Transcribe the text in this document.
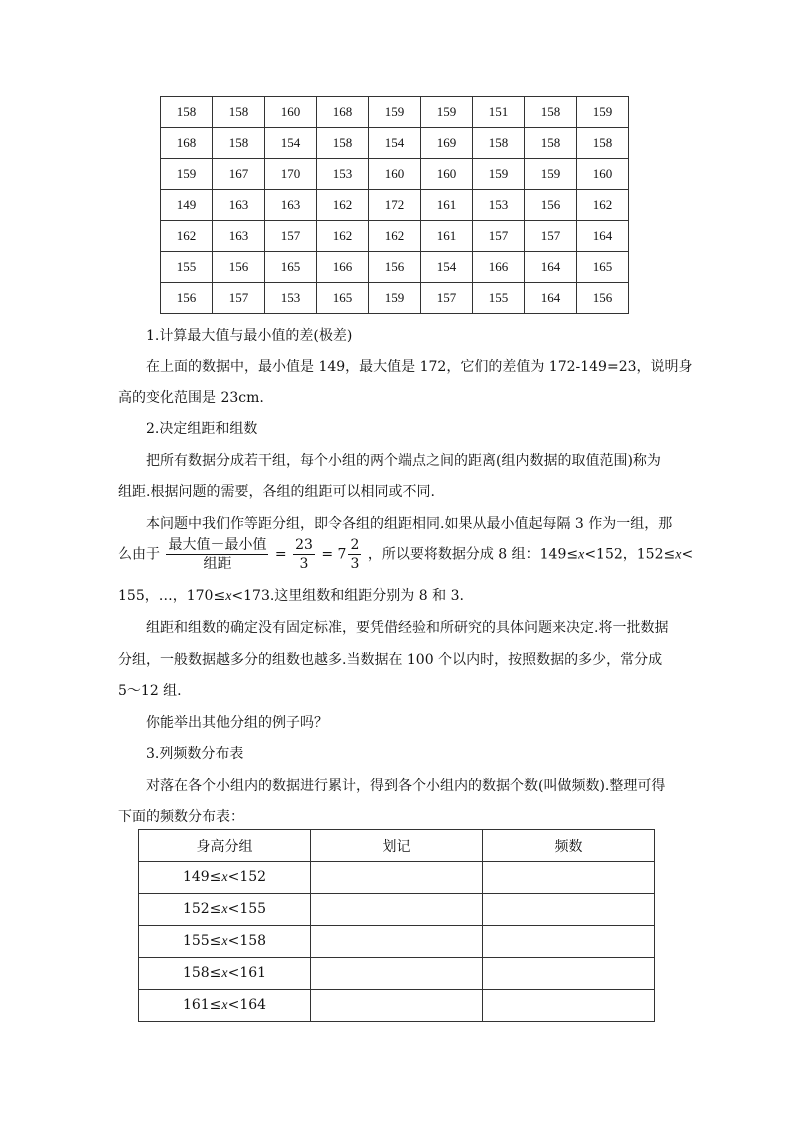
158	158	160	168	159	159	151	158	159
168	158	154	158	154	169	158	158	158
159	167	170	153	160	160	159	159	160
149	163	163	162	172	161	153	156	162
162	163	157	162	162	161	157	157	164
155	156	165	166	156	154	166	164	165
156	157	153	165	159	157	155	164	156
1.计算最大值与最小值的差(极差)
在上面的数据中，最小值是 149，最大值是 172，它们的差值为 172-149=23，说明身
高的变化范围是 23cm.
2.决定组距和组数
把所有数据分成若干组，每个小组的两个端点之间的距离(组内数据的取值范围)称为
组距.根据问题的需要，各组的组距可以相同或不同.
本问题中我们作等距分组，即令各组的组距相同.如果从最小值起每隔 3 作为一组，那
么由于 $\frac{\text{最大值－最小值}}{\text{组距}} = \frac{23}{3} = 7 \frac{2}{3}$ ，所以要将数据分成 8 组：149≤x<152，152≤x<
155，…，170≤x<173.这里组数和组距分别为 8 和 3.
组距和组数的确定没有固定标准，要凭借经验和所研究的具体问题来决定.将一批数据
分组，一般数据越多分的组数也越多.当数据在 100 个以内时，按照数据的多少，常分成
5～12 组.
你能举出其他分组的例子吗？
3.列频数分布表
对落在各个小组内的数据进行累计，得到各个小组内的数据个数(叫做频数).整理可得
下面的频数分布表：
身高分组	划记	频数
149≤x<152		
152≤x<155		
155≤x<158		
158≤x<161		
161≤x<164		
